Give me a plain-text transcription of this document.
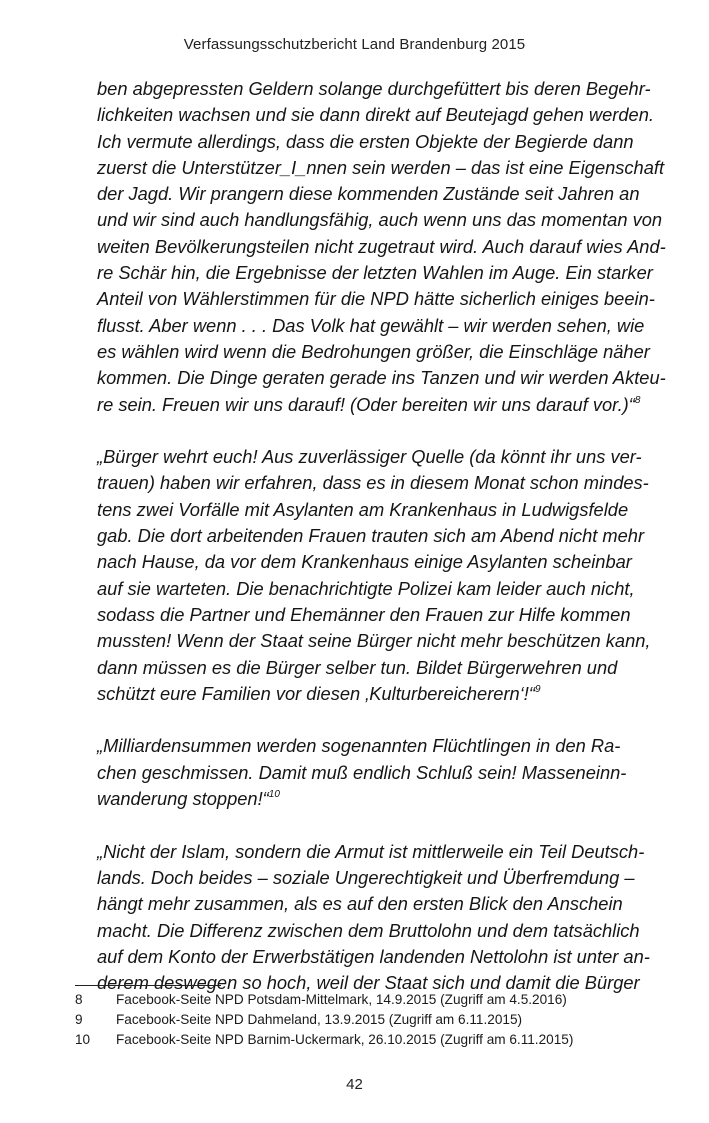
Verfassungsschutzbericht Land Brandenburg 2015
ben abgepressten Geldern solange durchgefüttert bis deren Begehr-
lichkeiten wachsen und sie dann direkt auf Beutejagd gehen werden.
Ich vermute allerdings, dass die ersten Objekte der Begierde dann
zuerst die Unterstützer_I_nnen sein werden – das ist eine Eigenschaft
der Jagd. Wir prangern diese kommenden Zustände seit Jahren an
und wir sind auch handlungsfähig, auch wenn uns das momentan von
weiten Bevölkerungsteilen nicht zugetraut wird. Auch darauf wies And-
re Schär hin, die Ergebnisse der letzten Wahlen im Auge. Ein starker
Anteil von Wählerstimmen für die NPD hätte sicherlich einiges beein-
flusst. Aber wenn . . . Das Volk hat gewählt – wir werden sehen, wie
es wählen wird wenn die Bedrohungen größer, die Einschläge näher
kommen. Die Dinge geraten gerade ins Tanzen und wir werden Akteu-
re sein. Freuen wir uns darauf! (Oder bereiten wir uns darauf vor.)“$^8$
„Bürger wehrt euch! Aus zuverlässiger Quelle (da könnt ihr uns ver-
trauen) haben wir erfahren, dass es in diesem Monat schon mindes-
tens zwei Vorfälle mit Asylanten am Krankenhaus in Ludwigsfelde
gab. Die dort arbeitenden Frauen trauten sich am Abend nicht mehr
nach Hause, da vor dem Krankenhaus einige Asylanten scheinbar
auf sie warteten. Die benachrichtigte Polizei kam leider auch nicht,
sodass die Partner und Ehemänner den Frauen zur Hilfe kommen
mussten! Wenn der Staat seine Bürger nicht mehr beschützen kann,
dann müssen es die Bürger selber tun. Bildet Bürgerwehren und
schützt eure Familien vor diesen ‚Kulturbereicherern‘!“$^9$
„Milliardensummen werden sogenannten Flüchtlingen in den Ra-
chen geschmissen. Damit muß endlich Schluß sein! Masseneinn-
wanderung stoppen!“$^{10}$
„Nicht der Islam, sondern die Armut ist mittlerweile ein Teil Deutsch-
lands. Doch beides – soziale Ungerechtigkeit und Überfremdung –
hängt mehr zusammen, als es auf den ersten Blick den Anschein
macht. Die Differenz zwischen dem Bruttolohn und dem tatsächlich
auf dem Konto der Erwerbstätigen landenden Nettolohn ist unter an-
derem deswegen so hoch, weil der Staat sich und damit die Bürger
8	Facebook-Seite NPD Potsdam-Mittelmark, 14.9.2015 (Zugriff am 4.5.2016)
9	Facebook-Seite NPD Dahmeland, 13.9.2015 (Zugriff am 6.11.2015)
10	Facebook-Seite NPD Barnim-Uckermark, 26.10.2015 (Zugriff am 6.11.2015)
42
